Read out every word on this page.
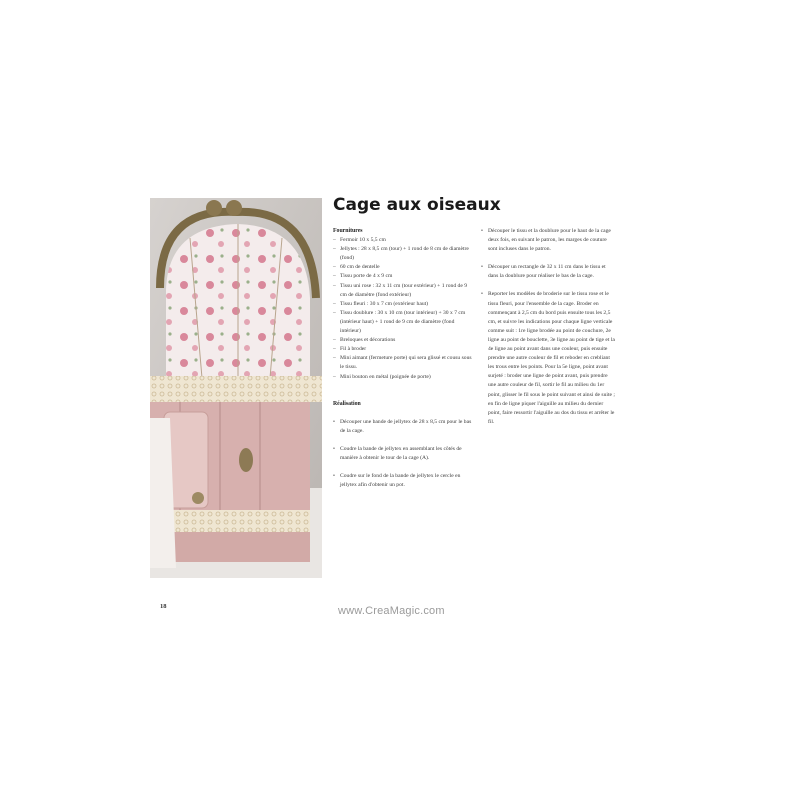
Cage aux oiseaux
Fournitures
– Fermoir 10 x 5,5 cm
– Jellytes : 28 x 8,5 cm (tour) + 1 rond de 8 cm de diamètre (fond)
– 60 cm de dentelle
– Tissu porte de 4 x 9 cm
– Tissu uni rose : 32 x 11 cm (tour extérieur) + 1 rond de 9 cm de diamètre (fond extérieur)
– Tissu fleuri : 30 x 7 cm (extérieur haut)
– Tissu doublure : 30 x 10 cm (tour intérieur) + 30 x 7 cm (intérieur haut) + 1 rond de 9 cm de diamètre (fond intérieur)
– Breloques et décorations
– Fil à broder
– Mini aimant (fermeture porte) qui sera glissé et cousu sous le tissu.
– Mini bouton en métal (poignée de porte)
Réalisation
• Découper une bande de jellytex de 28 x 8,5 cm pour le bas de la cage.
• Coudre la bande de jellytex en assemblant les côtés de manière à obtenir le tour de la cage (A).
• Coudre sur le fond de la bande de jellytex le cercle en jellytex afin d'obtenir un pot.
• Découper le tissu et la doublure pour le haut de la cage deux fois, en suivant le patron, les marges de couture sont incluses dans le patron.
• Découper un rectangle de 32 x 11 cm dans le tissu et dans la doublure pour réaliser le bas de la cage.
• Reporter les modèles de broderie sur le tissu rose et le tissu fleuri, pour l'ensemble de la cage. Broder en commençant à 2,5 cm du bord puis ensuite tous les 2,5 cm, et suivre les indications pour chaque ligne verticale comme suit : 1re ligne brodée au point de couchure, 2e ligne au point de bouclette, 3e ligne au point de tige et la 4e ligne au point avant dans une couleur, puis ensuite prendre une autre couleur de fil et reboder en crebliant les trous entre les points. Pour la 5e ligne, point avant surjeté : broder une ligne de point avant, puis prendre une autre couleur de fil, sortir le fil au milieu du 1er point, glisser le fil sous le point suivant et ainsi de suite ; en fin de ligne piquer l'aiguille au milieu du dernier point, faire ressortir l'aiguille au dos du tissu et arrêter le fil.
18	www.CreaMagic.com
